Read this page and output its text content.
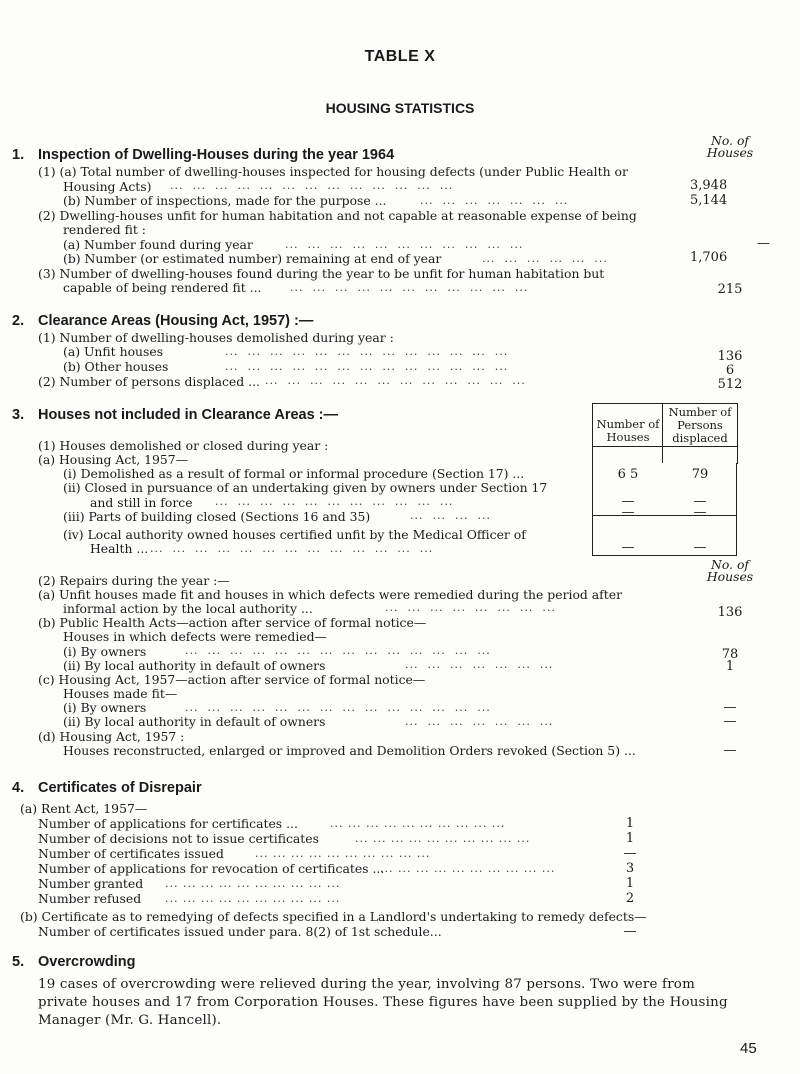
TABLE X
HOUSING STATISTICS
No. of
Houses
1. Inspection of Dwelling-Houses during the year 1964
(1) (a) Total number of dwelling-houses inspected for housing defects (under Public Health or
Housing Acts) ...  ...  ...  ...  ...  ...  ...  ...  ...  ...  ...  ...  ...	3,948
(b) Number of inspections, made for the purpose ...	...  ...  ...  ...  ...  ...  ...	5,144
(2) Dwelling-houses unfit for human habitation and not capable at reasonable expense of being
rendered fit :
(a) Number found during year	...  ...  ...  ...  ...  ...  ...  ...  ...  ...  ...	—
(b) Number (or estimated number) remaining at end of year	...  ...  ...  ...  ...  ...	1,706
(3) Number of dwelling-houses found during the year to be unfit for human habitation but
capable of being rendered fit ...	...  ...  ...  ...  ...  ...  ...  ...  ...  ...  ...	215
2. Clearance Areas (Housing Act, 1957) :—
(1) Number of dwelling-houses demolished during year :
(a) Unfit houses	...  ...  ...  ...  ...  ...  ...  ...  ...  ...  ...  ...  ...	136
(b) Other houses	...  ...  ...  ...  ...  ...  ...  ...  ...  ...  ...  ...  ...	6
(2) Number of persons displaced ... ...  ...  ...  ...  ...  ...  ...  ...  ...  ...  ...  ...	512
3. Houses not included in Clearance Areas :—
Number of Houses
Number of Persons displaced
(1) Houses demolished or closed during year :
(a) Housing Act, 1957—
(i) Demolished as a result of formal or informal procedure (Section 17) ...	6 5	79
(ii) Closed in pursuance of an undertaking given by owners under Section 17
and still in force ...  ...  ...  ...  ...  ...  ...  ...  ...  ...  ...	—	—
(iii) Parts of building closed (Sections 16 and 35)	...  ...  ...  ...	—	—
(iv) Local authority owned houses certified unfit by the Medical Officer of
Health ... ...  ...  ...  ...  ...  ...  ...  ...  ...  ...  ...  ...  ...	—	—
No. of
Houses
(2) Repairs during the year :—
(a) Unfit houses made fit and houses in which defects were remedied during the period after
informal action by the local authority ...	...  ...  ...  ...  ...  ...  ...  ...	136
(b) Public Health Acts—action after service of formal notice—
Houses in which defects were remedied—
(i) By owners	...  ...  ...  ...  ...  ...  ...  ...  ...  ...  ...  ...  ...  ...	78
(ii) By local authority in default of owners	...  ...  ...  ...  ...  ...  ...	1
(c) Housing Act, 1957—action after service of formal notice—
Houses made fit—
(i) By owners	...  ...  ...  ...  ...  ...  ...  ...  ...  ...  ...  ...  ...  ...	—
(ii) By local authority in default of owners	...  ...  ...  ...  ...  ...  ...	—
(d) Housing Act, 1957 :
Houses reconstructed, enlarged or improved and Demolition Orders revoked (Section 5) ...	—
4. Certificates of Disrepair
(a) Rent Act, 1957—
Number of applications for certificates ...	... ... ... ... ... ... ... ... ... ...	1
Number of decisions not to issue certificates	... ... ... ... ... ... ... ... ... ...	1
Number of certificates issued	... ... ... ... ... ... ... ... ... ...	—
Number of applications for revocation of certificates ...
... ... ... ... ... ... ... ... ... ...	3
Number granted ... ... ... ... ... ... ... ... ... ...	1
Number refused ... ... ... ... ... ... ... ... ... ...	2
(b) Certificate as to remedying of defects specified in a Landlord's undertaking to remedy defects—
Number of certificates issued under para. 8(2) of 1st schedule...	—
5. Overcrowding
19 cases of overcrowding were relieved during the year, involving 87 persons. Two were from private houses and 17 from Corporation Houses. These figures have been supplied by the Housing Manager (Mr. G. Hancell).
45
